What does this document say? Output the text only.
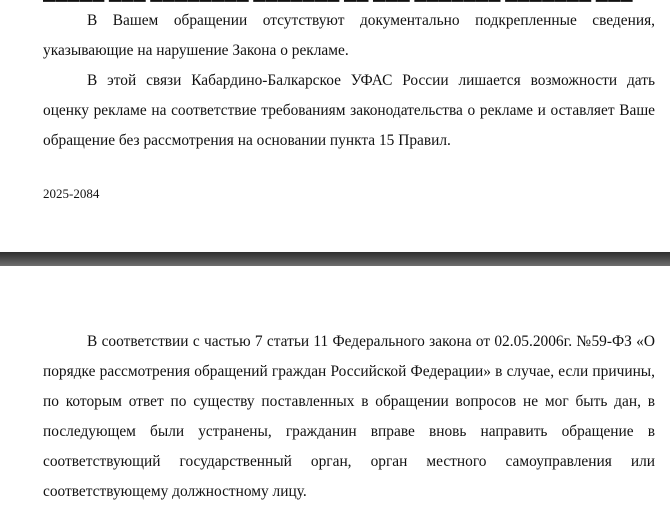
В Вашем обращении отсутствуют документально подкрепленные сведения, указывающие на нарушение Закона о рекламе.

В этой связи Кабардино-Балкарское УФАС России лишается возможности дать оценку рекламе на соответствие требованиям законодательства о рекламе и оставляет Ваше обращение без рассмотрения на основании пункта 15 Правил.

2025-2084

В соответствии с частью 7 статьи 11 Федерального закона от 02.05.2006г. №59-ФЗ «О порядке рассмотрения обращений граждан Российской Федерации» в случае, если причины, по которым ответ по существу поставленных в обращении вопросов не мог быть дан, в последующем были устранены, гражданин вправе вновь направить обращение в соответствующий государственный орган, орган местного самоуправления или соответствующему должностному лицу.
